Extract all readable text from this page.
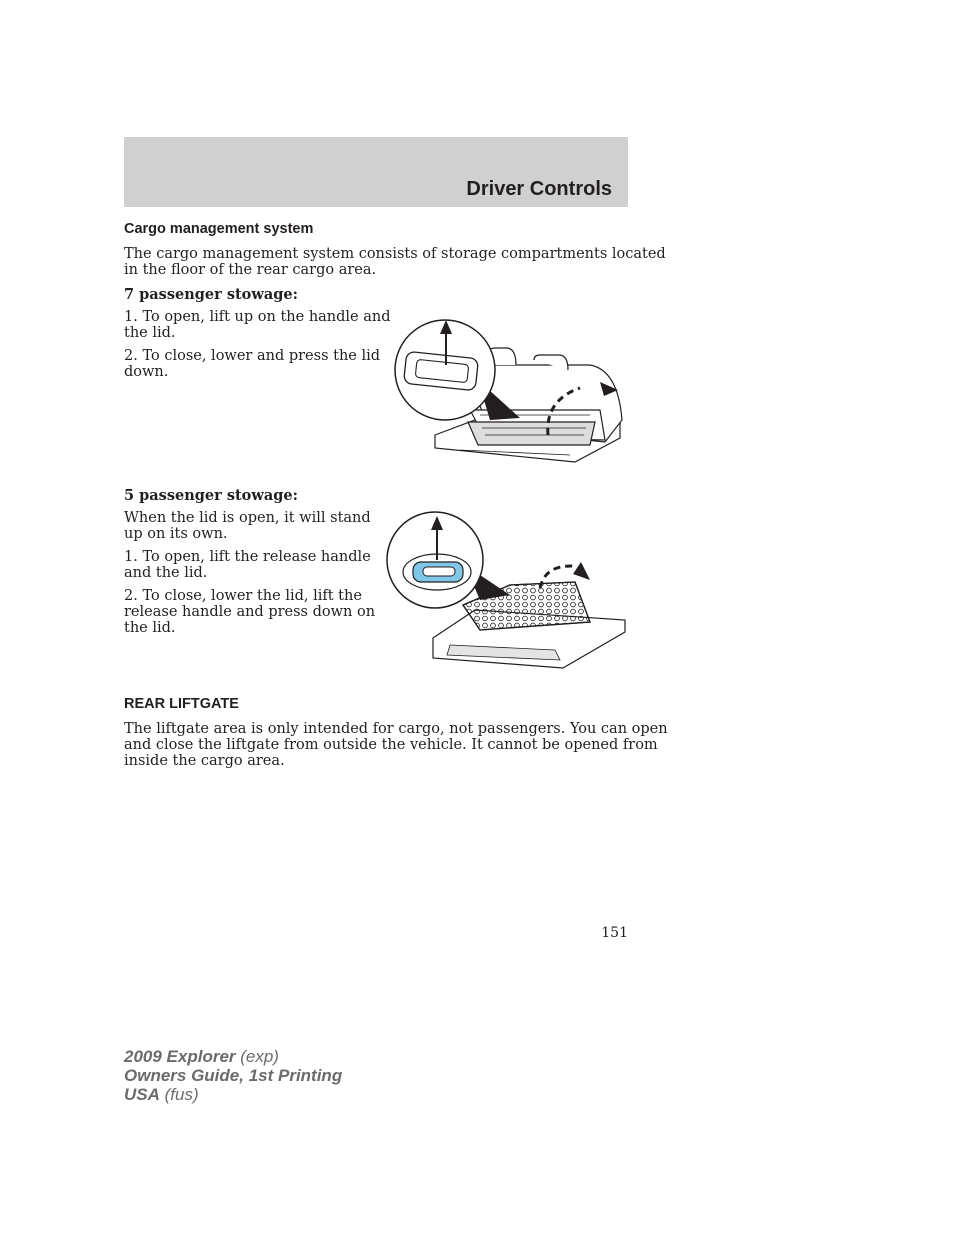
Driver Controls
Cargo management system
The cargo management system consists of storage compartments located
in the floor of the rear cargo area.
7 passenger stowage:
1. To open, lift up on the handle and
the lid.
2. To close, lower and press the lid
down.
5 passenger stowage:
When the lid is open, it will stand
up on its own.
1. To open, lift the release handle
and the lid.
2. To close, lower the lid, lift the
release handle and press down on
the lid.
REAR LIFTGATE
The liftgate area is only intended for cargo, not passengers. You can open
and close the liftgate from outside the vehicle. It cannot be opened from
inside the cargo area.
151
2009 Explorer (exp)
Owners Guide, 1st Printing
USA (fus)
